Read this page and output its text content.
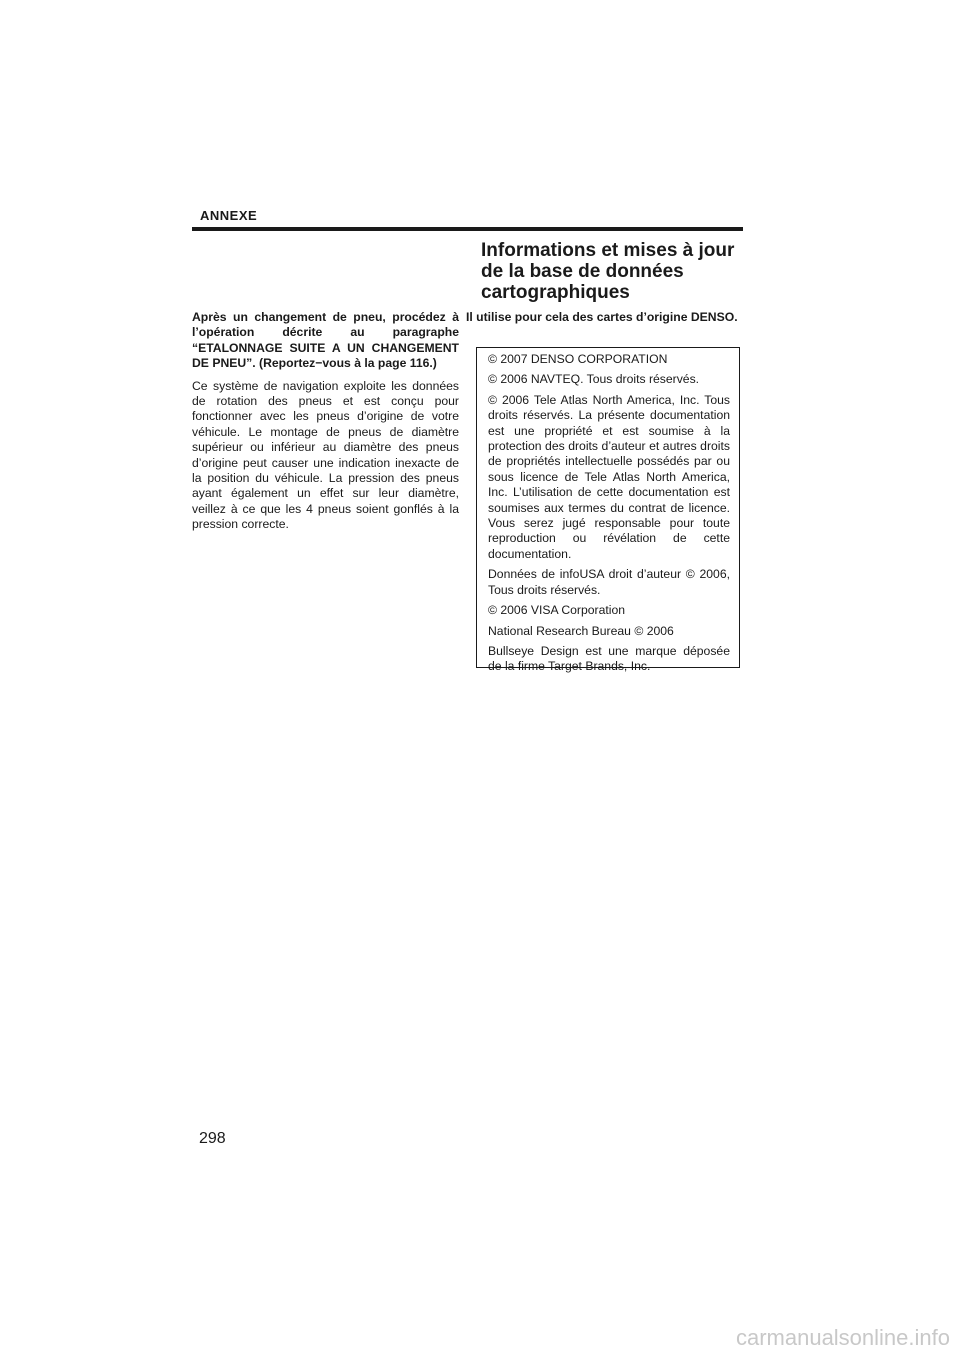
ANNEXE
Informations et mises à jour de la base de données cartographiques

Après un changement de pneu, procédez à l’opération décrite au paragraphe “ETALONNAGE SUITE A UN CHANGEMENT DE PNEU”. (Reportez−vous à la page 116.)

Ce système de navigation exploite les données de rotation des pneus et est conçu pour fonctionner avec les pneus d’origine de votre véhicule. Le montage de pneus de diamètre supérieur ou inférieur au diamètre des pneus d’origine peut causer une indication inexacte de la position du véhicule. La pression des pneus ayant également un effet sur leur diamètre, veillez à ce que les 4 pneus soient gonflés à la pression correcte.

Il utilise pour cela des cartes d’origine DENSO.

© 2007 DENSO CORPORATION

© 2006 NAVTEQ. Tous droits réservés.

© 2006 Tele Atlas North America, Inc. Tous droits réservés. La présente documentation est une propriété et est soumise à la protection des droits d’auteur et autres droits de propriétés intellectuelle possédés par ou sous licence de Tele Atlas North America, Inc. L’utilisation de cette documentation est soumises aux termes du contrat de licence. Vous serez jugé responsable pour toute reproduction ou révélation de cette documentation.

Données de infoUSA droit d’auteur © 2006, Tous droits réservés.

© 2006 VISA Corporation

National Research Bureau © 2006

Bullseye Design est une marque déposée de la firme Target Brands, Inc.

298
carmanualsonline.info
